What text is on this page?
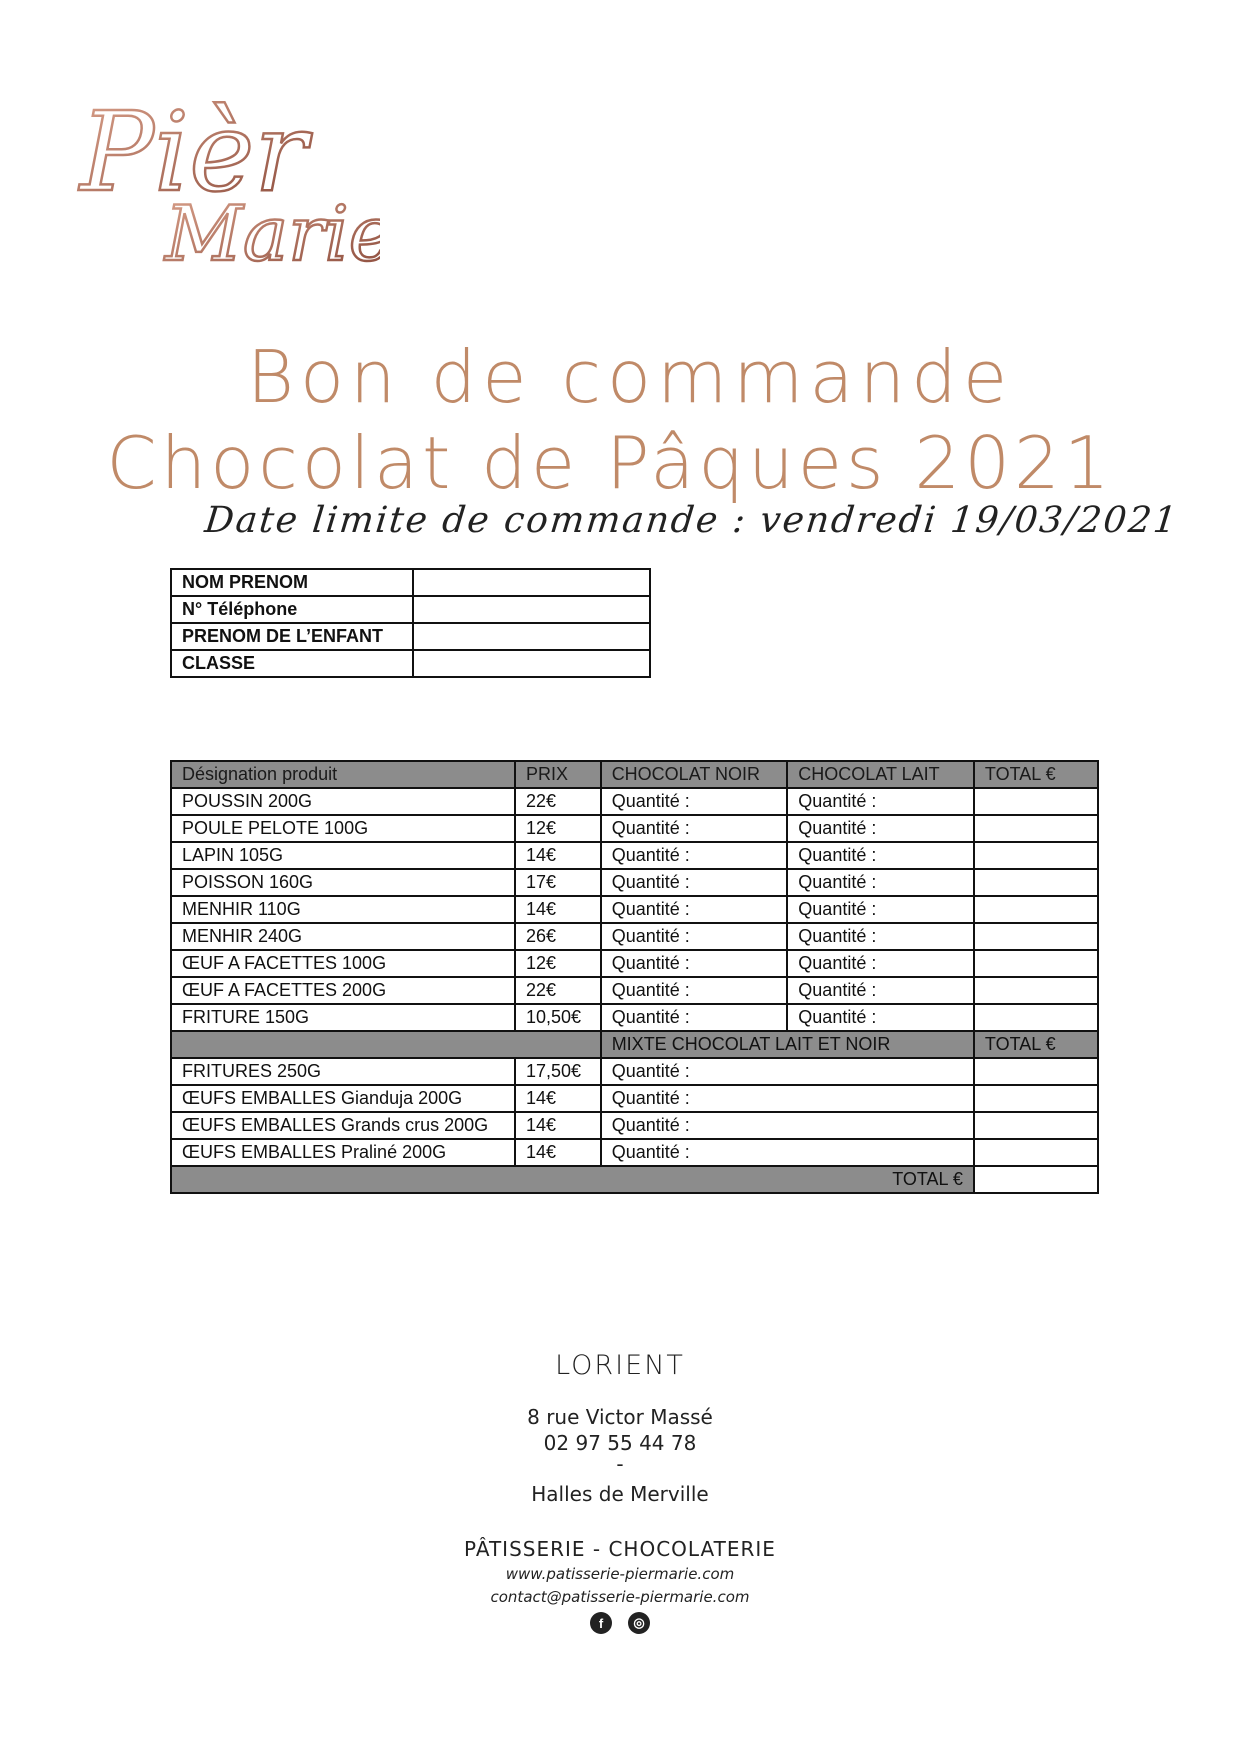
Pièr
Marie
Bon de commande
Chocolat de Pâques 2021
Date limite de commande : vendredi 19/03/2021
NOM PRENOM	
N° Téléphone	
PRENOM DE L’ENFANT	
CLASSE	
Désignation produit	PRIX	CHOCOLAT NOIR	CHOCOLAT LAIT	TOTAL €
POUSSIN 200G	22€	Quantité :	Quantité :	
POULE PELOTE 100G	12€	Quantité :	Quantité :	
LAPIN 105G	14€	Quantité :	Quantité :	
POISSON 160G	17€	Quantité :	Quantité :	
MENHIR 110G	14€	Quantité :	Quantité :	
MENHIR 240G	26€	Quantité :	Quantité :	
ŒUF A FACETTES 100G	12€	Quantité :	Quantité :	
ŒUF A FACETTES 200G	22€	Quantité :	Quantité :	
FRITURE 150G	10,50€	Quantité :	Quantité :	
		MIXTE CHOCOLAT LAIT ET NOIR		TOTAL €
FRITURES 250G	17,50€	Quantité :		
ŒUFS EMBALLES Gianduja 200G	14€	Quantité :		
ŒUFS EMBALLES Grands crus 200G	14€	Quantité :		
ŒUFS EMBALLES Praliné 200G	14€	Quantité :		
TOTAL €				
LORIENT
8 rue Victor Massé
02 97 55 44 78
-
Halles de Merville
PÂTISSERIE - CHOCOLATERIE
www.patisserie-piermarie.com
contact@patisserie-piermarie.com
f	◎
